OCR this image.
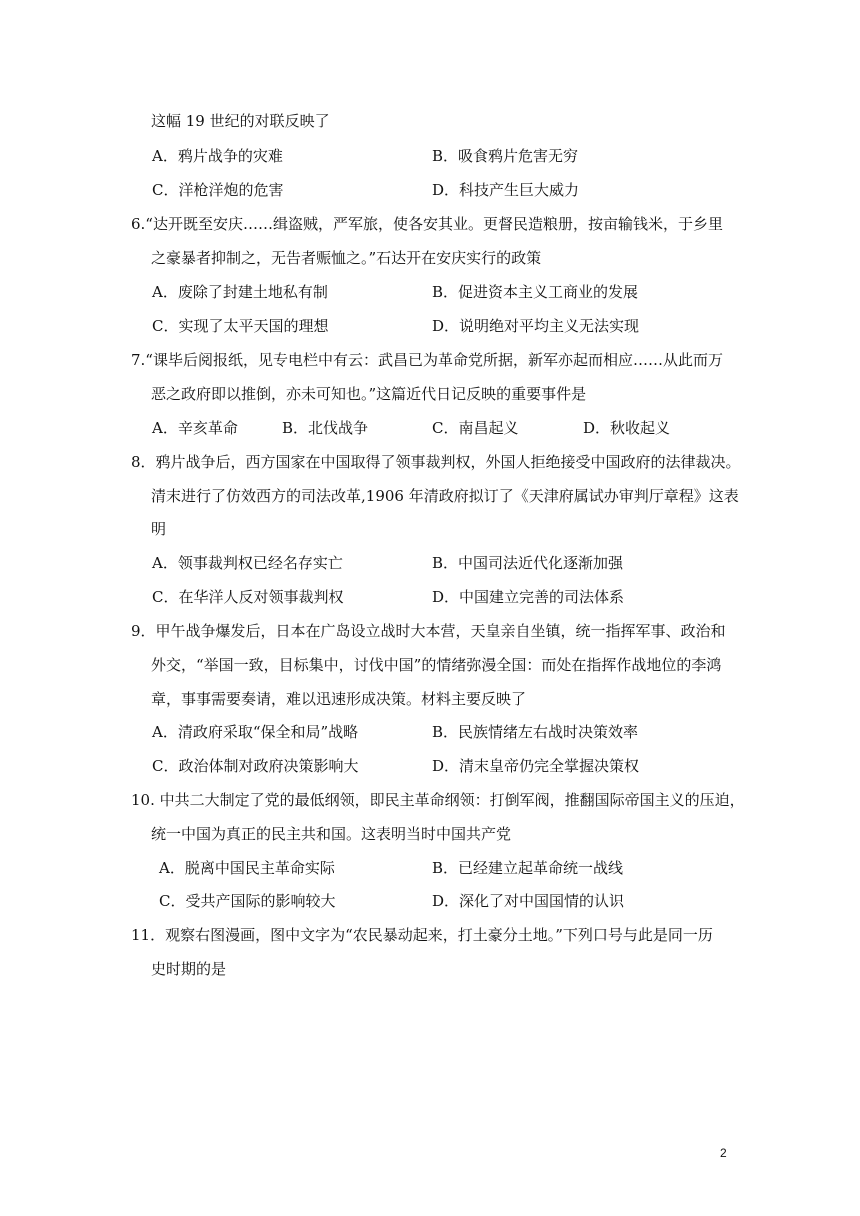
这幅 19 世纪的对联反映了
A．鸦片战争的灾难	B．吸食鸦片危害无穷
C．洋枪洋炮的危害	D．科技产生巨大威力
6.“达开既至安庆……缉盗贼，严军旅，使各安其业。更督民造粮册，按亩输钱米，于乡里
之豪暴者抑制之，无告者赈恤之。”石达开在安庆实行的政策
A．废除了封建土地私有制	B．促进资本主义工商业的发展
C．实现了太平天国的理想	D．说明绝对平均主义无法实现
7.“课毕后阅报纸，见专电栏中有云：武昌已为革命党所据，新军亦起而相应……从此而万
恶之政府即以推倒，亦未可知也。”这篇近代日记反映的重要事件是
A．辛亥革命	B．北伐战争	C．南昌起义	D．秋收起义
8．鸦片战争后，西方国家在中国取得了领事裁判权，外国人拒绝接受中国政府的法律裁决。
清末进行了仿效西方的司法改革,1906 年清政府拟订了《天津府属试办审判厅章程》这表
明
A．领事裁判权已经名存实亡	B．中国司法近代化逐渐加强
C．在华洋人反对领事裁判权	D．中国建立完善的司法体系
9．甲午战争爆发后，日本在广岛设立战时大本营，天皇亲自坐镇，统一指挥军事、政治和
外交，“举国一致，目标集中，讨伐中国”的情绪弥漫全国：而处在指挥作战地位的李鸿
章，事事需要奏请，难以迅速形成决策。材料主要反映了
A．清政府采取“保全和局”战略	B．民族情绪左右战时决策效率
C．政治体制对政府决策影响大	D．清末皇帝仍完全掌握决策权
10. 中共二大制定了党的最低纲领，即民主革命纲领：打倒军阀，推翻国际帝国主义的压迫，
统一中国为真正的民主共和国。这表明当时中国共产党
A．脱离中国民主革命实际	B．已经建立起革命统一战线
C．受共产国际的影响较大	D．深化了对中国国情的认识
11．观察右图漫画，图中文字为“农民暴动起来，打土豪分土地。”下列口号与此是同一历
史时期的是
2
